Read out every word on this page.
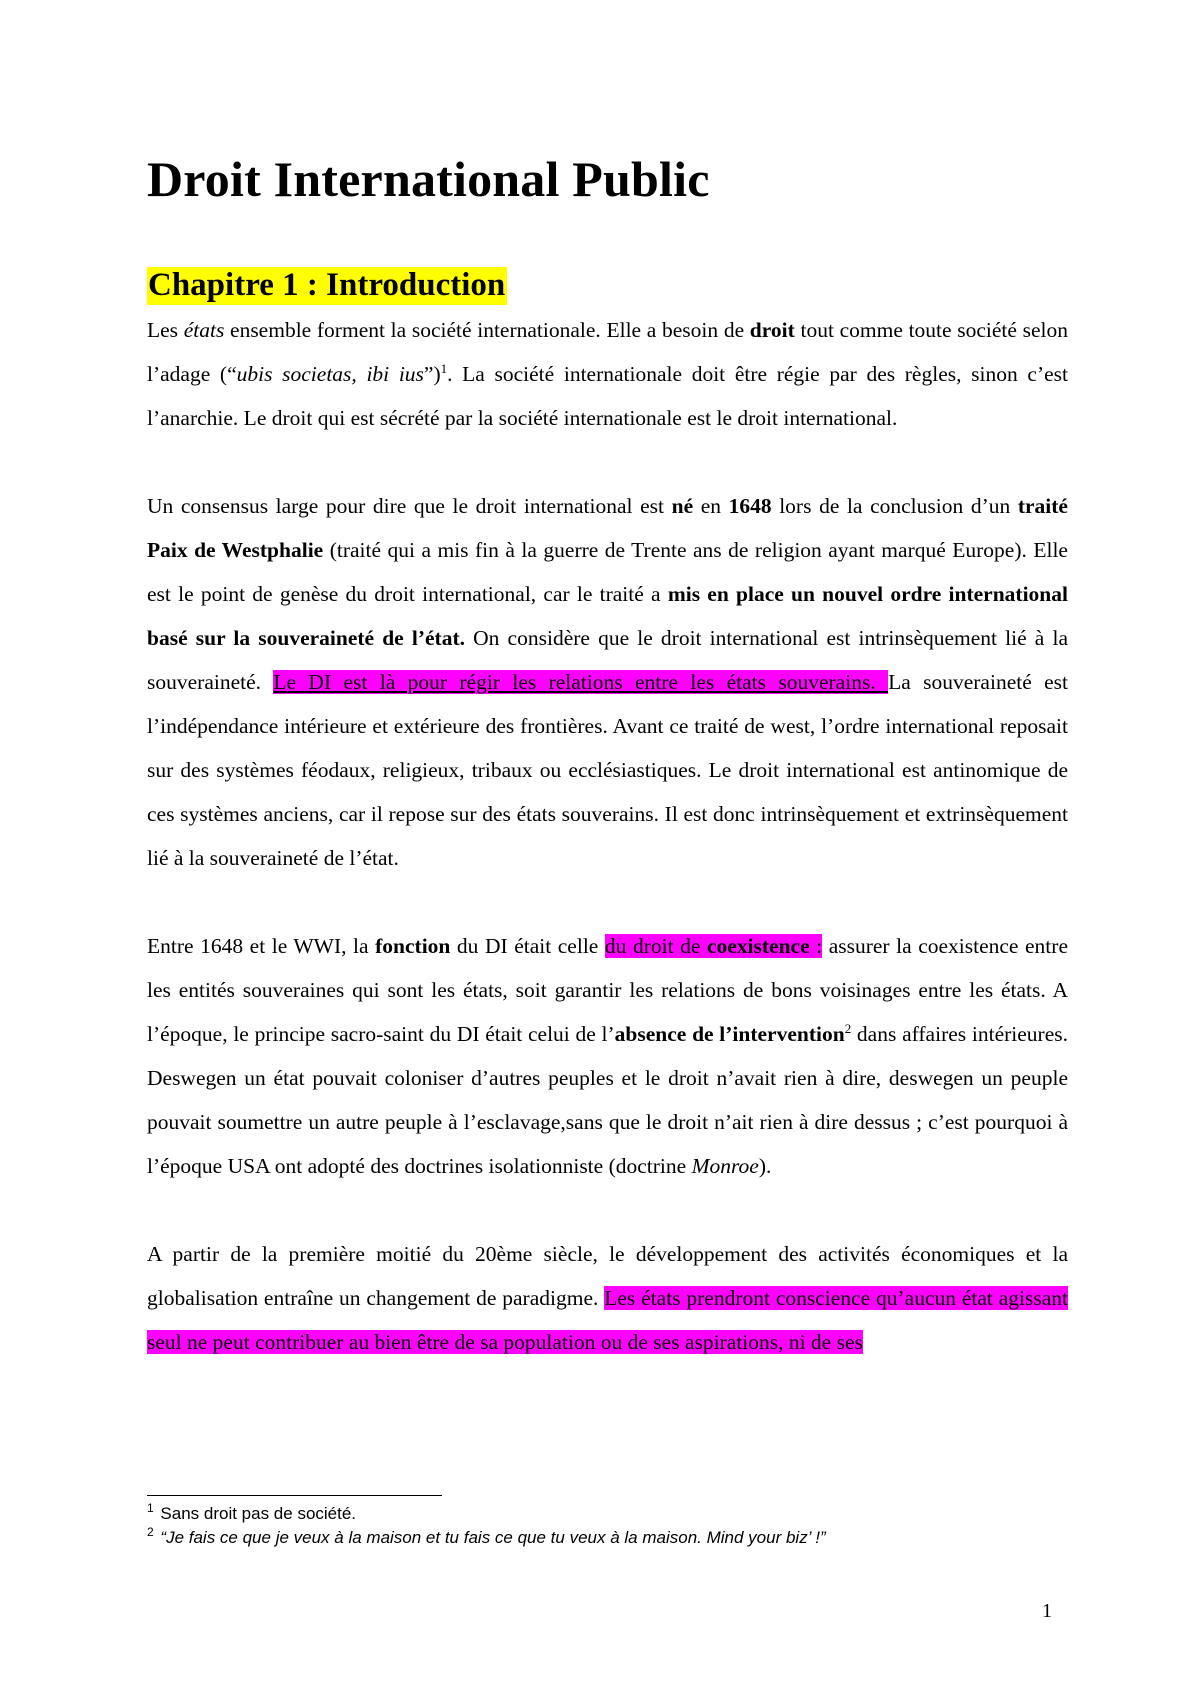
Droit International Public
Chapitre 1 : Introduction

Les états ensemble forment la société internationale. Elle a besoin de droit tout comme toute société selon l’adage (“ubis societas, ibi ius”)$^1$. La société internationale doit être régie par des règles, sinon c’est l’anarchie. Le droit qui est sécrété par la société internationale est le droit international.

Un consensus large pour dire que le droit international est né en 1648 lors de la conclusion d’un traité Paix de Westphalie (traité qui a mis fin à la guerre de Trente ans de religion ayant marqué Europe). Elle est le point de genèse du droit international, car le traité a mis en place un nouvel ordre international basé sur la souveraineté de l’état. On considère que le droit international est intrinsèquement lié à la souveraineté. Le DI est là pour régir les relations entre les états souverains. La souveraineté est l’indépendance intérieure et extérieure des frontières. Avant ce traité de west, l’ordre international reposait sur des systèmes féodaux, religieux, tribaux ou ecclésiastiques. Le droit international est antinomique de ces systèmes anciens, car il repose sur des états souverains. Il est donc intrinsèquement et extrinsèquement lié à la souveraineté de l’état.

Entre 1648 et le WWI, la fonction du DI était celle du droit de coexistence : assurer la coexistence entre les entités souveraines qui sont les états, soit garantir les relations de bons voisinages entre les états. A l’époque, le principe sacro-saint du DI était celui de l’absence de l’intervention$^2$ dans affaires intérieures. Deswegen un état pouvait coloniser d’autres peuples et le droit n’avait rien à dire, deswegen un peuple pouvait soumettre un autre peuple à l’esclavage,sans que le droit n’ait rien à dire dessus ; c’est pourquoi à l’époque USA ont adopté des doctrines isolationniste (doctrine Monroe).

A partir de la première moitié du 20ème siècle, le développement des activités économiques et la globalisation entraîne un changement de paradigme. Les états prendront conscience qu’aucun état agissant seul ne peut contribuer au bien être de sa population ou de ses aspirations, ni de ses

$^1$ Sans droit pas de société.

$^2$ “Je fais ce que je veux à la maison et tu fais ce que tu veux à la maison. Mind your biz’ !”

1
